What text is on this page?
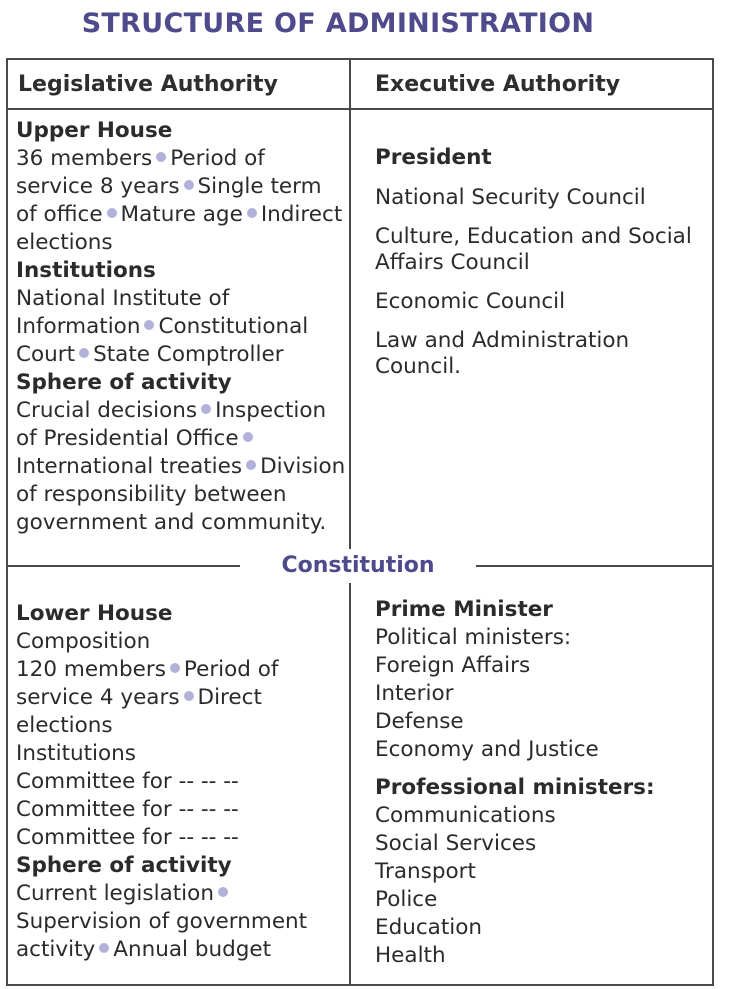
STRUCTURE OF ADMINISTRATION
Legislative Authority	Executive Authority

Upper House

36 members Period of service 8 years Single term of office Mature age Indirect elections

Institutions

National Institute of Information Constitutional Court State Comptroller

Sphere of activity

Crucial decisions Inspection of Presidential OfficeInternational treaties Division of responsibility between government and community.

President

National Security Council

Culture, Education and Social Affairs Council

Economic Council

Law and Administration Council.

Lower House

Composition

120 members Period of service 4 years Direct elections

Institutions

Committee for -- -- --

Committee for -- -- --

Committee for -- -- --

Sphere of activity

Current legislationSupervision of government activity Annual budget

Prime Minister

Political ministers:

Foreign Affairs

Interior

Defense

Economy and Justice

Professional ministers:

Communications

Social Services

Transport

Police

Education

Health

Constitution
